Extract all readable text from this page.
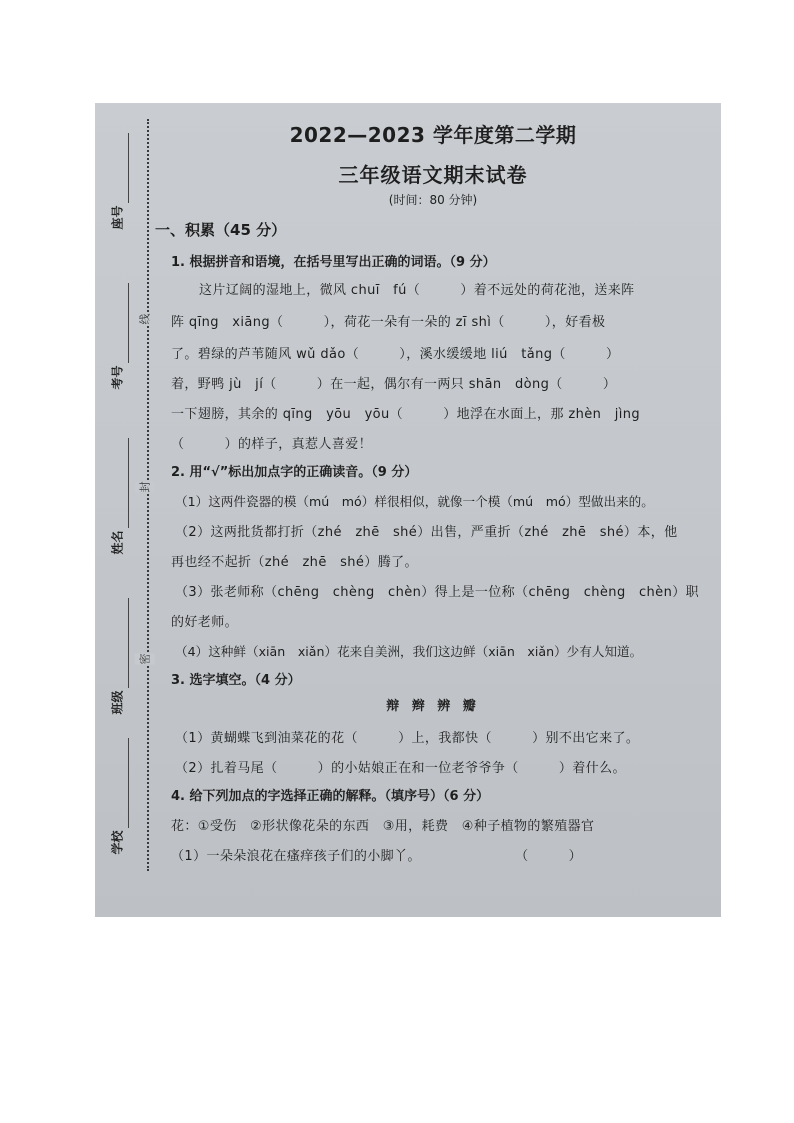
座号
考号
姓名
班级
学校
线
封
密
2022—2023 学年度第二学期
三年级语文期末试卷
(时间：80 分钟)
一、积累（45 分）
1. 根据拼音和语境，在括号里写出正确的词语。（9 分）
这片辽阔的湿地上，微风 chuī　fú（　　　）着不远处的荷花池，送来阵
阵 qīng　xiāng（　　　），荷花一朵有一朵的 zī shì（　　　），好看极
了。碧绿的芦苇随风 wǔ dǎo（　　　），溪水缓缓地 liú　tǎng（　　　）
着，野鸭 jù　jí（　　　）在一起，偶尔有一两只 shān　dòng（　　　）
一下翅膀，其余的 qīng　yōu　yōu（　　　）地浮在水面上，那 zhèn　jìng
（　　　）的样子，真惹人喜爱！
2. 用“√”标出加点字的正确读音。（9 分）
（1）这两件瓷器的模（mú　mó）样很相似，就像一个模（mú　mó）型做出来的。
（2）这两批货都打折（zhé　zhē　shé）出售，严重折（zhé　zhē　shé）本，他
再也经不起折（zhé　zhē　shé）腾了。
（3）张老师称（chēng　chèng　chèn）得上是一位称（chēng　chèng　chèn）职
的好老师。
（4）这种鲜（xiān　xiǎn）花来自美洲，我们这边鲜（xiān　xiǎn）少有人知道。
3. 选字填空。（4 分）
辩 辫 辨 瓣
（1）黄蝴蝶飞到油菜花的花（　　　）上，我都快（　　　）别不出它来了。
（2）扎着马尾（　　　）的小姑娘正在和一位老爷爷争（　　　）着什么。
4. 给下列加点的字选择正确的解释。（填序号）（6 分）
花：①受伤　②形状像花朵的东西　③用，耗费　④种子植物的繁殖器官
（1）一朵朵浪花在瘙痒孩子们的小脚丫。　　　　　　　　（　　　）
